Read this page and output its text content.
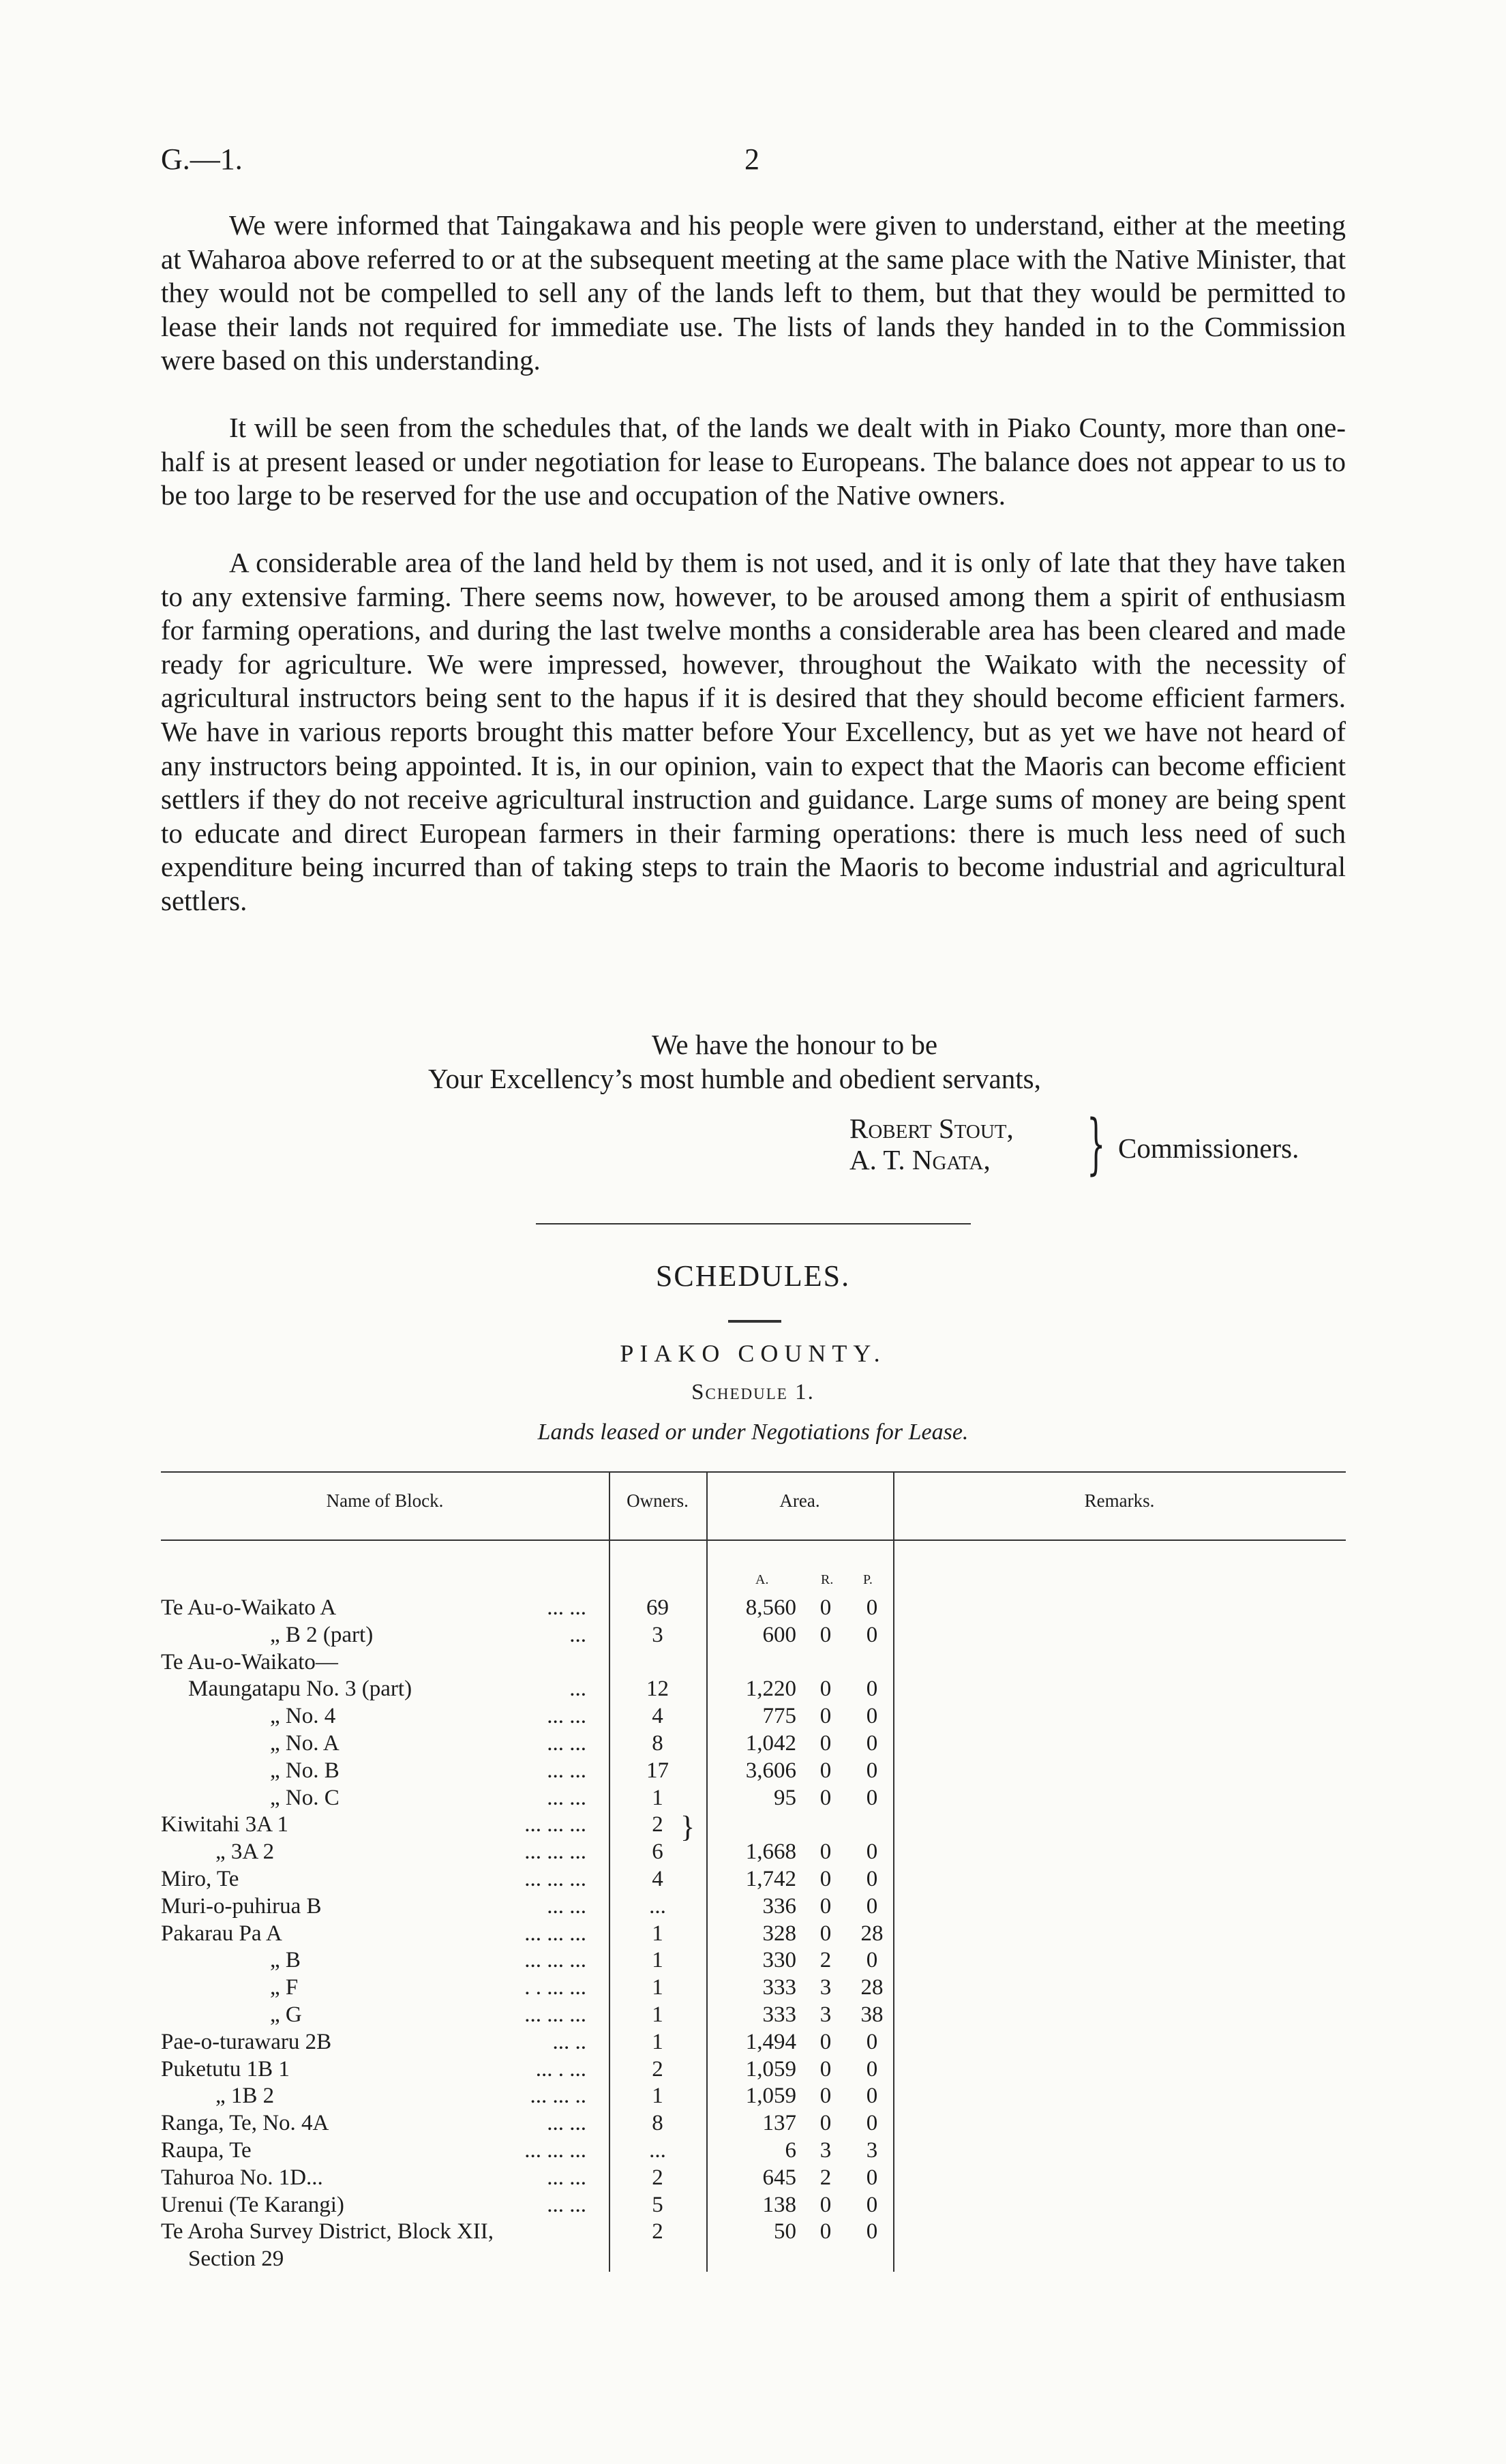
G.—1.	2

We were informed that Taingakawa and his people were given to understand, either at the meeting at Waharoa above referred to or at the subsequent meeting at the same place with the Native Minister, that they would not be compelled to sell any of the lands left to them, but that they would be permitted to lease their lands not required for immediate use. The lists of lands they handed in to the Commission were based on this understanding.

It will be seen from the schedules that, of the lands we dealt with in Piako County, more than one-half is at present leased or under negotiation for lease to Europeans. The balance does not appear to us to be too large to be reserved for the use and occupation of the Native owners.

A considerable area of the land held by them is not used, and it is only of late that they have taken to any extensive farming. There seems now, however, to be aroused among them a spirit of enthusiasm for farming operations, and during the last twelve months a considerable area has been cleared and made ready for agriculture. We were impressed, however, throughout the Waikato with the necessity of agricultural instructors being sent to the hapus if it is desired that they should become efficient farmers. We have in various reports brought this matter before Your Excellency, but as yet we have not heard of any instructors being appointed. It is, in our opinion, vain to expect that the Maoris can become efficient settlers if they do not receive agricultural instruction and guidance. Large sums of money are being spent to educate and direct European farmers in their farming operations: there is much less need of such expenditure being incurred than of taking steps to train the Maoris to become industrial and agricultural settlers.

We have the honour to be
Your Excellency’s most humble and obedient servants,
Robert Stout,
A. T. Ngata, } Commissioners.
SCHEDULES.
PIAKO COUNTY.
Schedule 1.
Lands leased or under Negotiations for Lease.
Name of Block.	Owners.	Area.	Remarks.
A.	R. P.
Te Au-o-Waikato A	... ...	69	8,560 0	0
„ B 2 (part)	...	3	600 0	0
Te Au-o-Waikato—
Maungatapu No. 3 (part)	...	12	1,220 0	0
„ No. 4	... ...	4	775 0	0
„ No. A	... ...	8	1,042 0	0
„ No. B	... ...	17	3,606 0	0
„ No. C	... ...	1	95 0	0
Kiwitahi 3A 1	... ... ...	2
„ 3A 2	... ... ...	6	1,668 0	0
Miro, Te	... ... ...	4	1,742 0	0
Muri-o-puhirua B	... ...	...	336 0	0
Pakarau Pa A	... ... ...	1	328 0 28
„ B	... ... ...	1	330 2	0
„ F	. . ... ...	1	333 3 28
„ G	... ... ...	1	333 3 38
Pae-o-turawaru 2B	... ..	1	1,494 0	0
Puketutu 1B 1	... . ...	2	1,059 0	0
„ 1B 2	... ... ..	1	1,059 0	0
Ranga, Te, No. 4A	... ...	8	137 0	0
Raupa, Te	... ... ...	...	6 3	3
Tahuroa No. 1D...	... ...	2	645 2	0
Urenui (Te Karangi)	... ...	5	138 0	0
Te Aroha Survey District, Block XII,	2	50 0	0
Section 29
}
